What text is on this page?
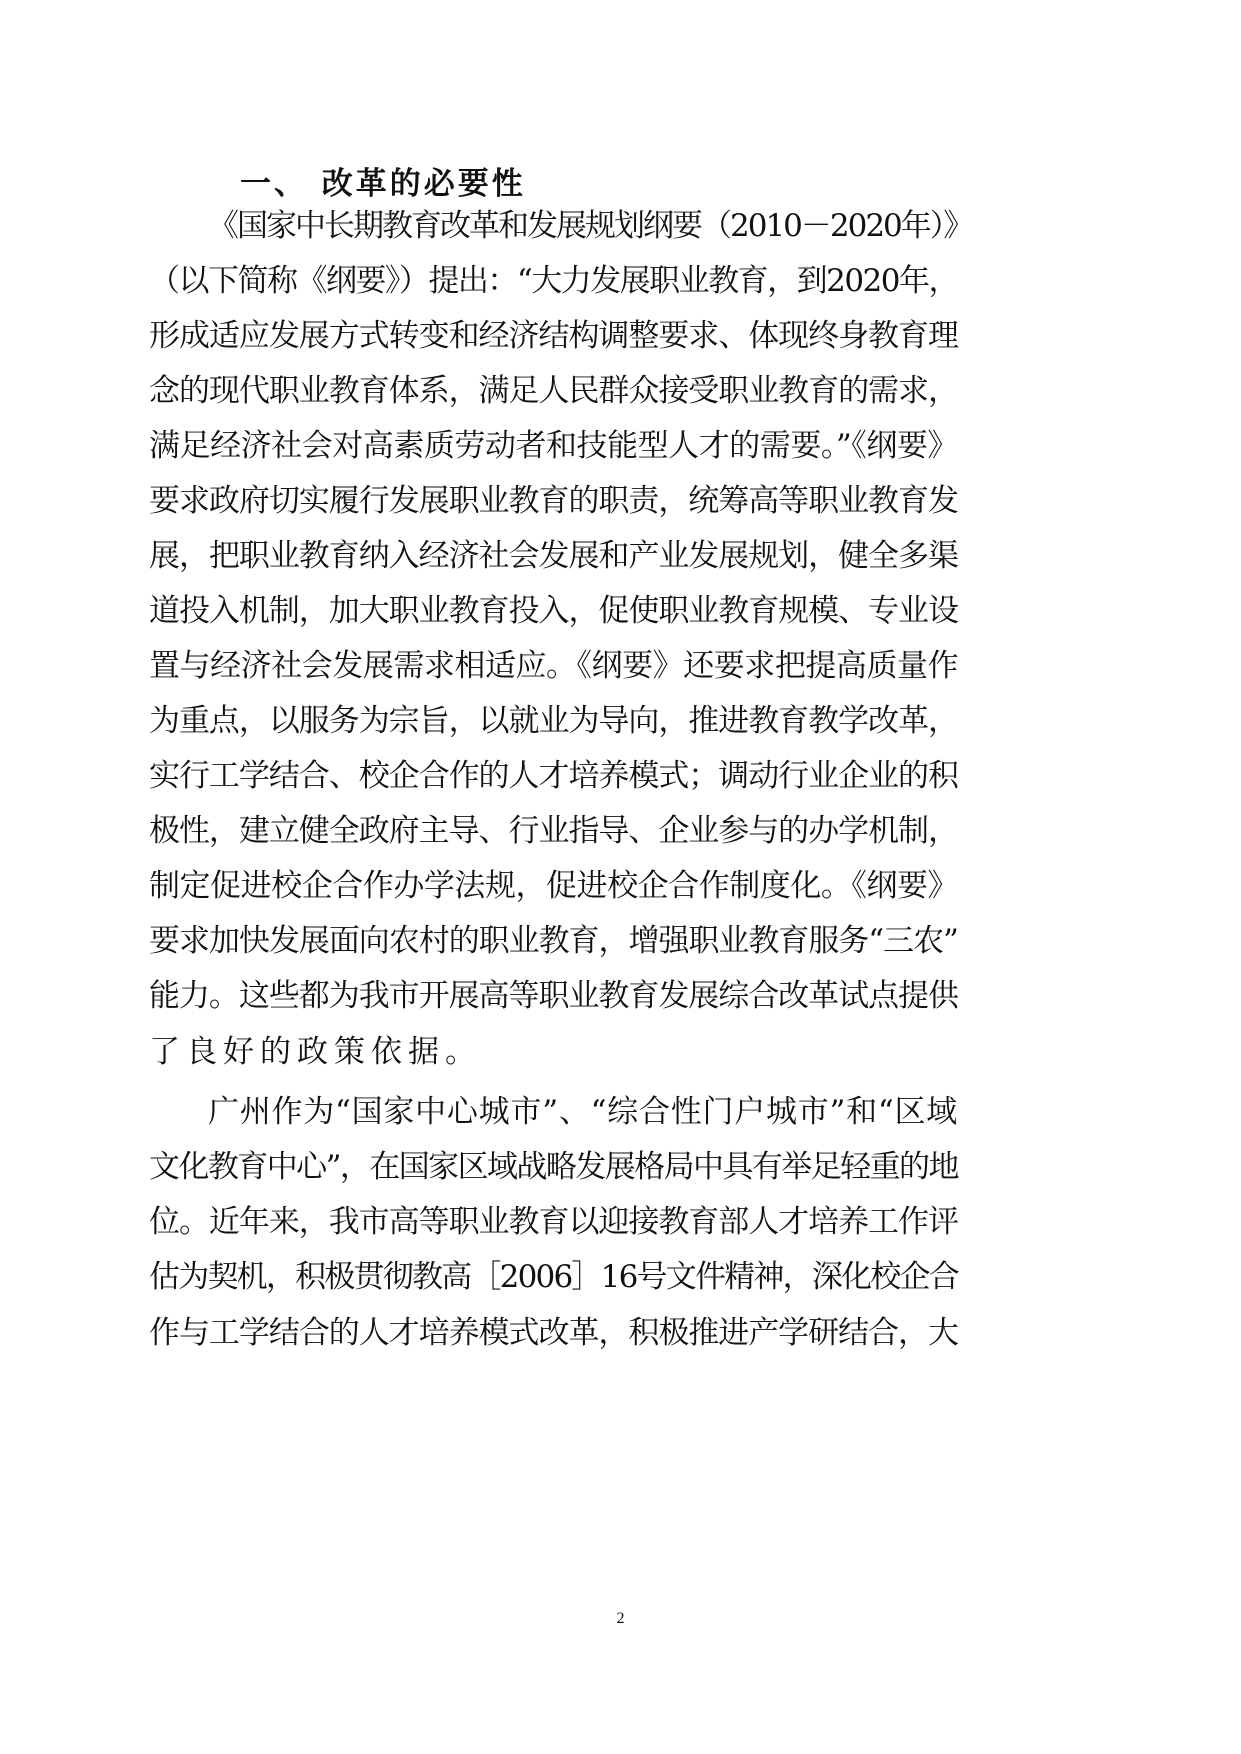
一、 改革的必要性
《国家中长期教育改革和发展规划纲要（2010－2020年）》
（以下简称《纲要》）提出：“大力发展职业教育，到2020年，
形成适应发展方式转变和经济结构调整要求、体现终身教育理
念的现代职业教育体系，满足人民群众接受职业教育的需求，
满足经济社会对高素质劳动者和技能型人才的需要。”《纲要》
要求政府切实履行发展职业教育的职责，统筹高等职业教育发
展，把职业教育纳入经济社会发展和产业发展规划，健全多渠
道投入机制，加大职业教育投入，促使职业教育规模、专业设
置与经济社会发展需求相适应。《纲要》还要求把提高质量作
为重点，以服务为宗旨，以就业为导向，推进教育教学改革，
实行工学结合、校企合作的人才培养模式；调动行业企业的积
极性，建立健全政府主导、行业指导、企业参与的办学机制，
制定促进校企合作办学法规，促进校企合作制度化。《纲要》
要求加快发展面向农村的职业教育，增强职业教育服务“三农”
能力。这些都为我市开展高等职业教育发展综合改革试点提供
了良好的政策依据。
广州作为“国家中心城市”、“综合性门户城市”和“区域
文化教育中心”，在国家区域战略发展格局中具有举足轻重的地
位。近年来，我市高等职业教育以迎接教育部人才培养工作评
估为契机，积极贯彻教高［2006］16号文件精神，深化校企合
作与工学结合的人才培养模式改革，积极推进产学研结合，大
2
